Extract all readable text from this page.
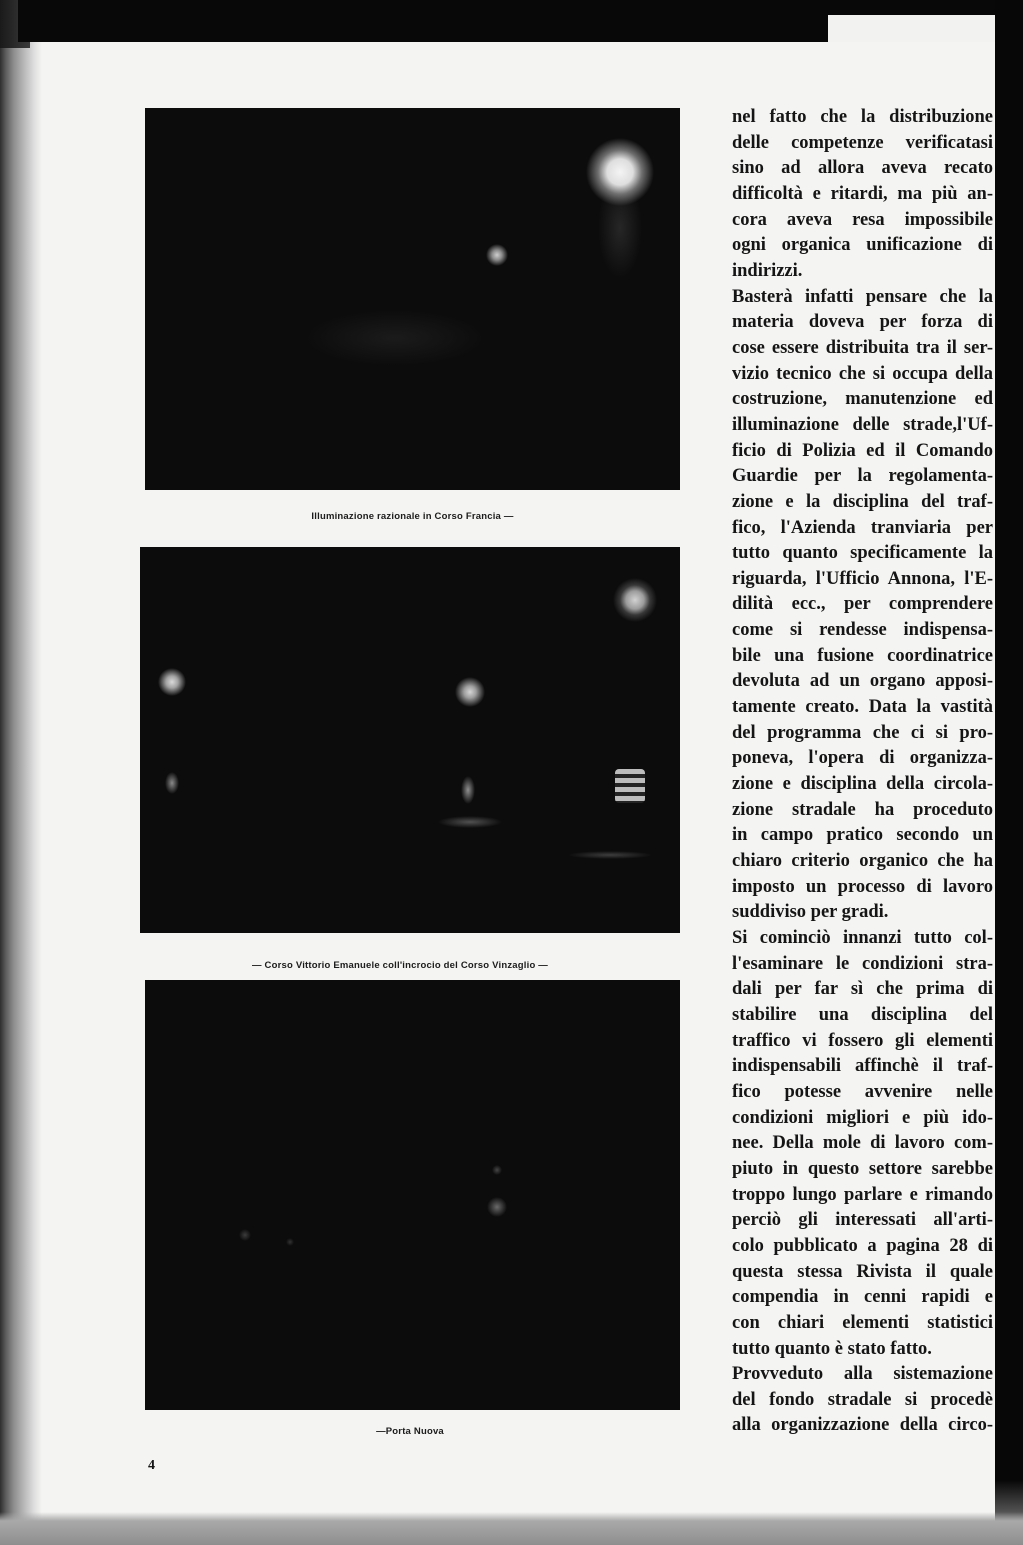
Illuminazione razionale in Corso Francia —
— Corso Vittorio Emanuele coll'incrocio del Corso Vinzaglio —
—Porta Nuova
4
nel fatto che la distribuzione
delle competenze verificatasi
sino ad allora aveva recato
difficoltà e ritardi, ma più an-
cora aveva resa impossibile
ogni organica unificazione di
indirizzi.
Basterà infatti pensare che la
materia doveva per forza di
cose essere distribuita tra il ser-
vizio tecnico che si occupa della
costruzione, manutenzione ed
illuminazione delle strade,l'Uf-
ficio di Polizia ed il Comando
Guardie per la regolamenta-
zione e la disciplina del traf-
fico, l'Azienda tranviaria per
tutto quanto specificamente la
riguarda, l'Ufficio Annona, l'E-
dilità ecc., per comprendere
come si rendesse indispensa-
bile una fusione coordinatrice
devoluta ad un organo apposi-
tamente creato. Data la vastità
del programma che ci si pro-
poneva, l'opera di organizza-
zione e disciplina della circola-
zione stradale ha proceduto
in campo pratico secondo un
chiaro criterio organico che ha
imposto un processo di lavoro
suddiviso per gradi.
Si cominciò innanzi tutto col-
l'esaminare le condizioni stra-
dali per far sì che prima di
stabilire una disciplina del
traffico vi fossero gli elementi
indispensabili affinchè il traf-
fico potesse avvenire nelle
condizioni migliori e più ido-
nee. Della mole di lavoro com-
piuto in questo settore sarebbe
troppo lungo parlare e rimando
perciò gli interessati all'arti-
colo pubblicato a pagina 28 di
questa stessa Rivista il quale
compendia in cenni rapidi e
con chiari elementi statistici
tutto quanto è stato fatto.
Provveduto alla sistemazione
del fondo stradale si procedè
alla organizzazione della circo-
